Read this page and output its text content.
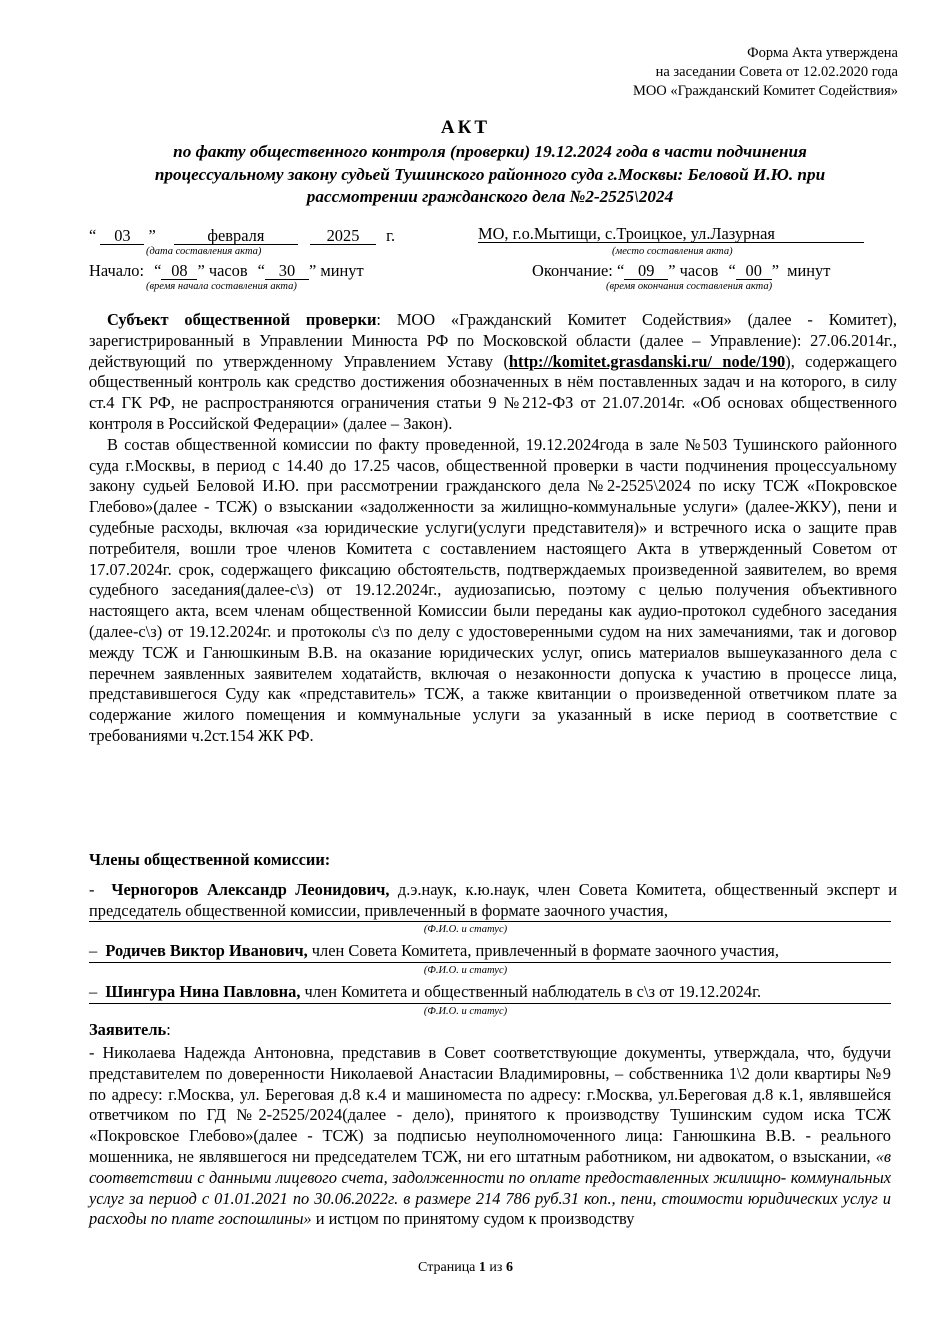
Форма Акта утверждена
на заседании Совета от 12.02.2020 года
МОО «Гражданский Комитет Содействия»
АКТ
по факту общественного контроля (проверки) 19.12.2024 года в части подчинения процессуальному закону судьей Тушинского районного суда г.Москвы: Беловой И.Ю. при рассмотрении гражданского дела №2-2525\2024
“ 03 ”	февраля	2025 г.
(дата составления акта)
МО, г.о.Мытищи, с.Троицкое, ул.Лазурная
(место составления акта)
Начало: “ 08 ” часов “ 30 ” минут
(время начала составления акта)
Окончание: “ 09 ” часов “ 00 ” минут
(время окончания составления акта)

Субъект общественной проверки: МОО «Гражданский Комитет Содействия» (далее - Комитет), зарегистрированный в Управлении Минюста РФ по Московской области (далее – Управление): 27.06.2014г., действующий по утвержденному Управлением Уставу (http://komitet.grasdanski.ru/ node/190), содержащего общественный контроль как средство достижения обозначенных в нём поставленных задач и на которого, в силу ст.4 ГК РФ, не распространяются ограничения статьи 9 №212-ФЗ от 21.07.2014г. «Об основах общественного контроля в Российской Федерации» (далее – Закон).

В состав общественной комиссии по факту проведенной, 19.12.2024года в зале №503 Тушинского районного суда г.Москвы, в период с 14.40 до 17.25 часов, общественной проверки в части подчинения процессуальному закону судьей Беловой И.Ю. при рассмотрении гражданского дела №2-2525\2024 по иску ТСЖ «Покровское Глебово»(далее - ТСЖ) о взыскании «задолженности за жилищно-коммунальные услуги» (далее-ЖКУ), пени и судебные расходы, включая «за юридические услуги(услуги представителя)» и встречного иска о защите прав потребителя, вошли трое членов Комитета с составлением настоящего Акта в утвержденный Советом от 17.07.2024г. срок, содержащего фиксацию обстоятельств, подтверждаемых произведенной заявителем, во время судебного заседания(далее-с\з) от 19.12.2024г., аудиозаписью, поэтому с целью получения объективного настоящего акта, всем членам общественной Комиссии были переданы как аудио-протокол судебного заседания (далее-с\з) от 19.12.2024г. и протоколы с\з по делу с удостоверенными судом на них замечаниями, так и договор между ТСЖ и Ганюшкиным В.В. на оказание юридических услуг, опись материалов вышеуказанного дела с перечнем заявленных заявителем ходатайств, включая о незаконности допуска к участию в процессе лица, представившегося Суду как «представитель» ТСЖ, а также квитанции о произведенной ответчиком плате за содержание жилого помещения и коммунальные услуги за указанный в иске период в соответствие с требованиями ч.2ст.154 ЖК РФ.

Члены общественной комиссии:
- Черногоров Александр Леонидович, д.э.наук, к.ю.наук, член Совета Комитета, общественный эксперт и председатель общественной комиссии, привлеченный в формате заочного участия,
(Ф.И.О. и статус)
– Родичев Виктор Иванович, член Совета Комитета, привлеченный в формате заочного участия,
(Ф.И.О. и статус)
– Шингура Нина Павловна, член Комитета и общественный наблюдатель в с\з от 19.12.2024г.
(Ф.И.О. и статус)
Заявитель:
- Николаева Надежда Антоновна, представив в Совет соответствующие документы, утверждала, что, будучи представителем по доверенности Николаевой Анастасии Владимировны, – собственника 1\2 доли квартиры №9 по адресу: г.Москва, ул. Береговая д.8 к.4 и машиноместа по адресу: г.Москва, ул.Береговая д.8 к.1, являвшейся ответчиком по ГД №2-2525/2024(далее - дело), принятого к производству Тушинским судом иска ТСЖ «Покровское Глебово»(далее - ТСЖ) за подписью неуполномоченного лица: Ганюшкина В.В. - реального мошенника, не являвшегося ни председателем ТСЖ, ни его штатным работником, ни адвокатом, о взыскании, «в соответствии с данными лицевого счета, задолженности по оплате предоставленных жилищно- коммунальных услуг за период с 01.01.2021 по 30.06.2022г. в размере 214 786 руб.31 коп., пени, стоимости юридических услуг и расходы по плате госпошлины» и истцом по принятому судом к производству
Страница 1 из 6
